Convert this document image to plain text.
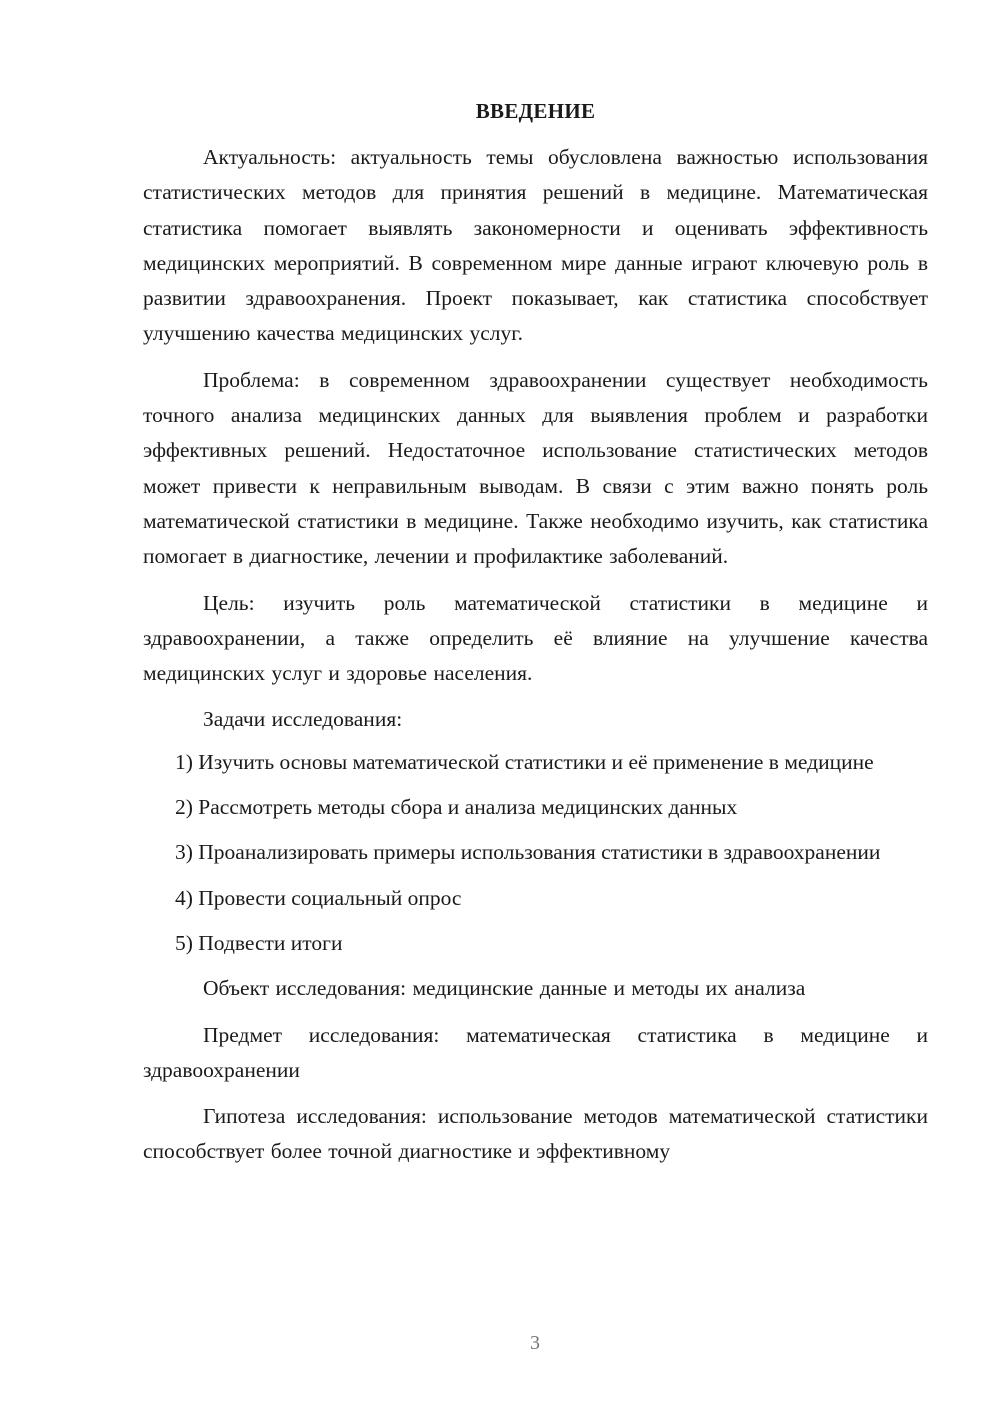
ВВЕДЕНИЕ

Актуальность: актуальность темы обусловлена важностью использования статистических методов для принятия решений в медицине. Математическая статистика помогает выявлять закономерности и оценивать эффективность медицинских мероприятий. В современном мире данные играют ключевую роль в развитии здравоохранения. Проект показывает, как статистика способствует улучшению качества медицинских услуг.

Проблема: в современном здравоохранении существует необходимость точного анализа медицинских данных для выявления проблем и разработки эффективных решений. Недостаточное использование статистических методов может привести к неправильным выводам. В связи с этим важно понять роль математической статистики в медицине. Также необходимо изучить, как статистика помогает в диагностике, лечении и профилактике заболеваний.

Цель: изучить роль математической статистики в медицине и здравоохранении, а также определить её влияние на улучшение качества медицинских услуг и здоровье населения.

Задачи исследования:

1) Изучить основы математической статистики и её применение в медицине

2) Рассмотреть методы сбора и анализа медицинских данных

3) Проанализировать примеры использования статистики в здравоохранении

4) Провести социальный опрос

5) Подвести итоги

Объект исследования: медицинские данные и методы их анализа

Предмет исследования: математическая статистика в медицине и здравоохранении

Гипотеза исследования: использование методов математической статистики способствует более точной диагностике и эффективному

3
